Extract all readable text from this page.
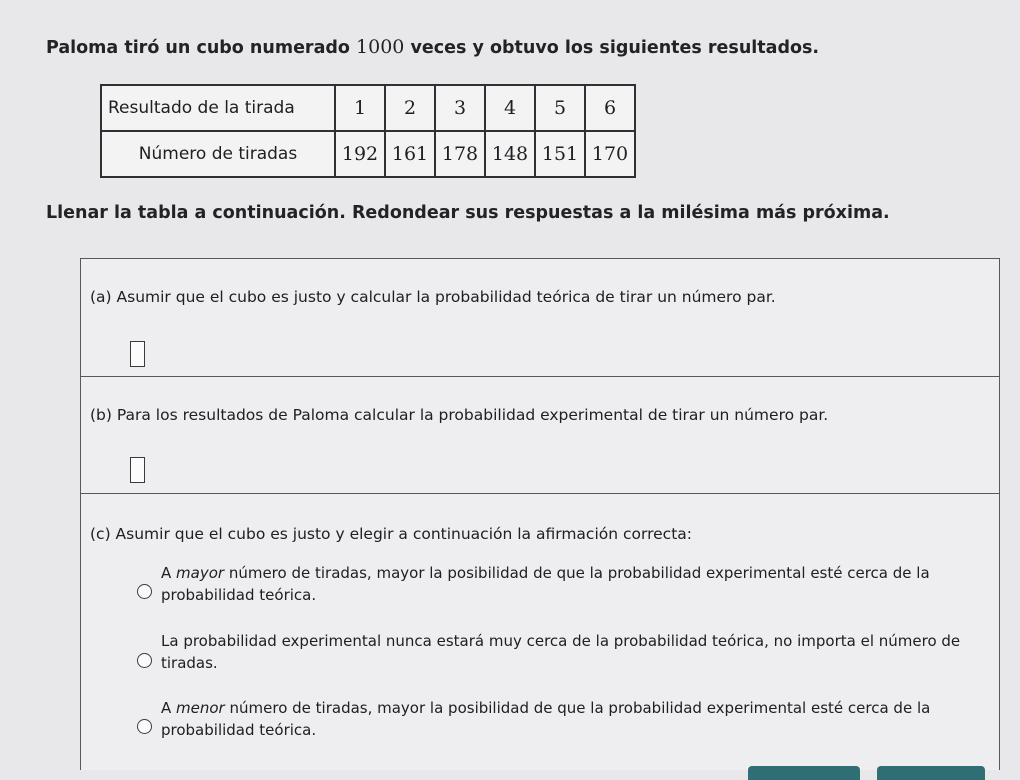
Paloma tiró un cubo numerado 1000 veces y obtuvo los siguientes resultados.
Resultado de la tirada	1	2	3	4	5	6
Número de tiradas	192	161	178	148	151	170
Llenar la tabla a continuación. Redondear sus respuestas a la milésima más próxima.
(a) Asumir que el cubo es justo y calcular la probabilidad teórica de tirar un número par.
(b) Para los resultados de Paloma calcular la probabilidad experimental de tirar un número par.
(c) Asumir que el cubo es justo y elegir a continuación la afirmación correcta:
A mayor número de tiradas, mayor la posibilidad de que la probabilidad experimental esté cerca de la probabilidad teórica.
La probabilidad experimental nunca estará muy cerca de la probabilidad teórica, no importa el número de tiradas.
A menor número de tiradas, mayor la posibilidad de que la probabilidad experimental esté cerca de la probabilidad teórica.
